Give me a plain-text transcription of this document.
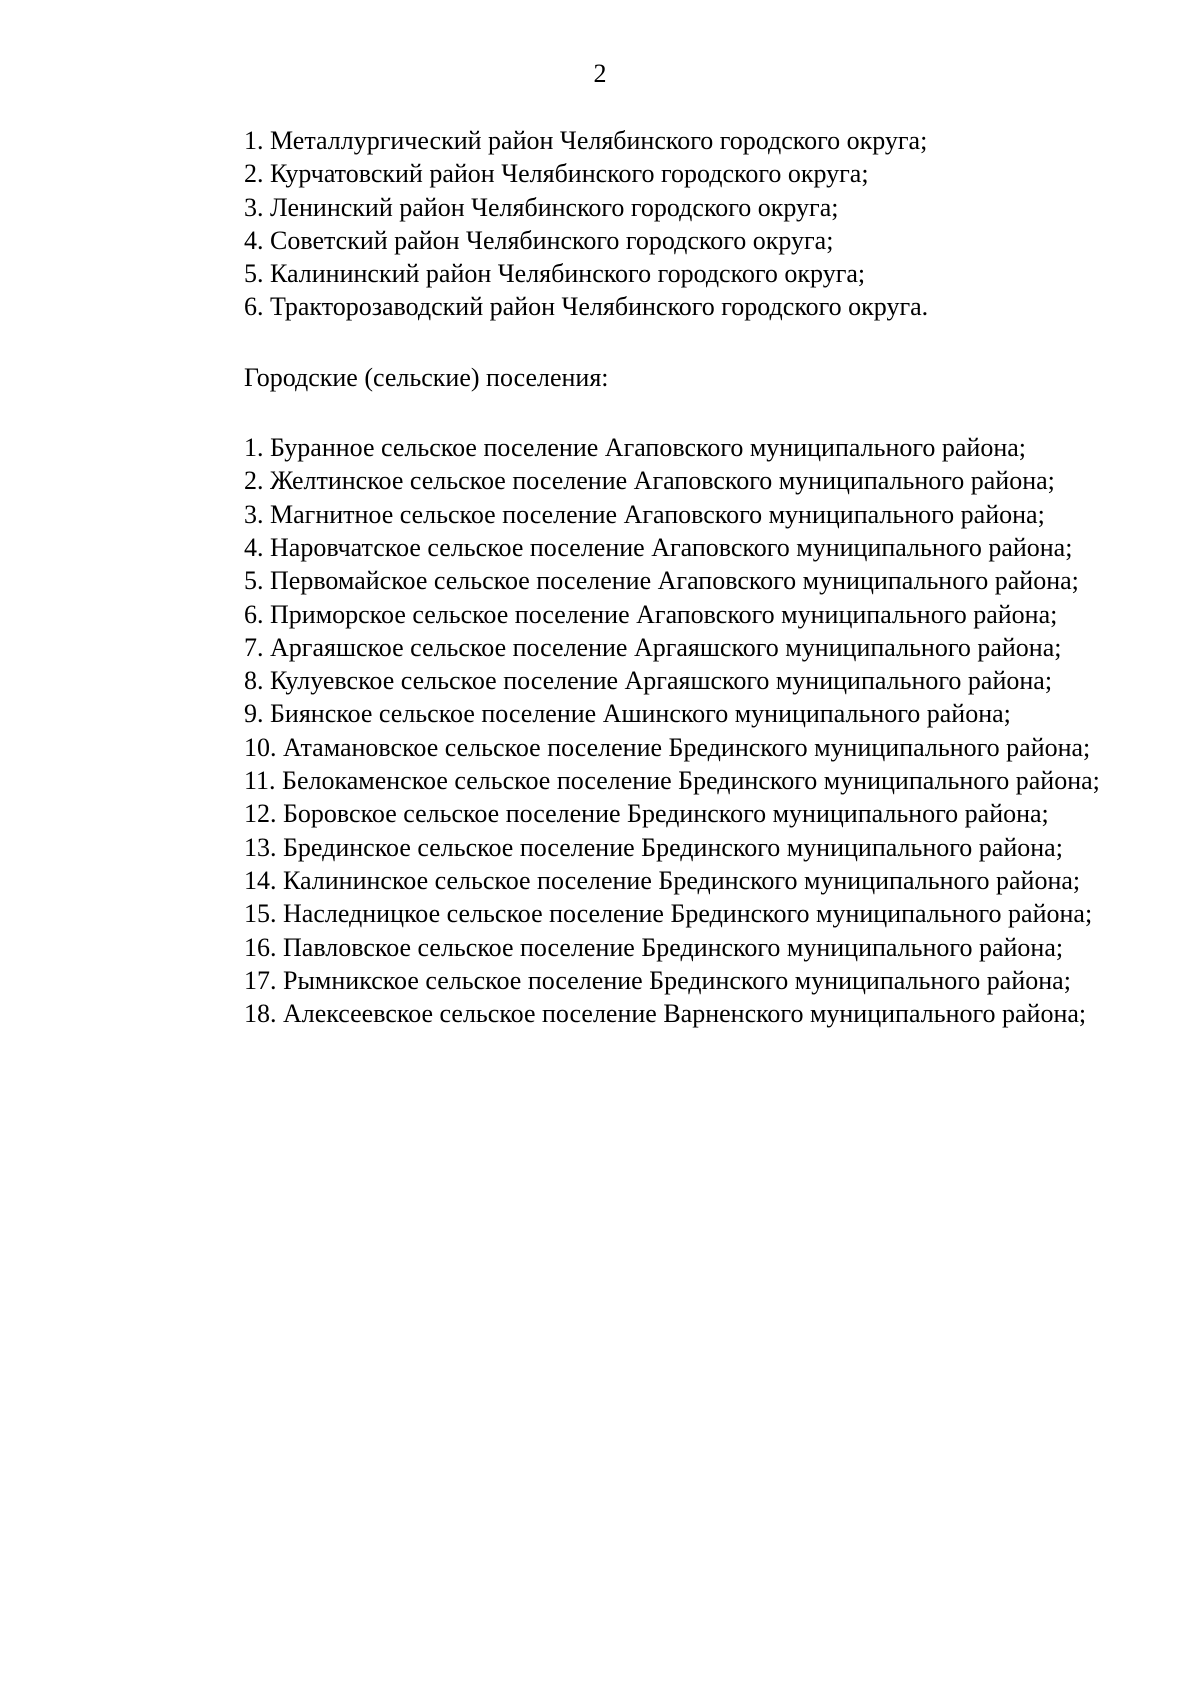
2
1. Металлургический район Челябинского городского округа;
2. Курчатовский район Челябинского городского округа;
3. Ленинский район Челябинского городского округа;
4. Советский район Челябинского городского округа;
5. Калининский район Челябинского городского округа;
6. Тракторозаводский район Челябинского городского округа.
Городские (сельские) поселения:
1. Буранное сельское поселение Агаповского муниципального района;
2. Желтинское сельское поселение Агаповского муниципального района;
3. Магнитное сельское поселение Агаповского муниципального района;
4. Наровчатское сельское поселение Агаповского муниципального района;
5. Первомайское сельское поселение Агаповского муниципального района;
6. Приморское сельское поселение Агаповского муниципального района;
7. Аргаяшское сельское поселение Аргаяшского муниципального района;
8. Кулуевское сельское поселение Аргаяшского муниципального района;
9. Биянское сельское поселение Ашинского муниципального района;
10. Атамановское сельское поселение Брединского муниципального района;
11. Белокаменское сельское поселение Брединского муниципального района;
12. Боровское сельское поселение Брединского муниципального района;
13. Брединское сельское поселение Брединского муниципального района;
14. Калининское сельское поселение Брединского муниципального района;
15. Наследницкое сельское поселение Брединского муниципального района;
16. Павловское сельское поселение Брединского муниципального района;
17. Рымникское сельское поселение Брединского муниципального района;
18. Алексеевское сельское поселение Варненского муниципального района;
